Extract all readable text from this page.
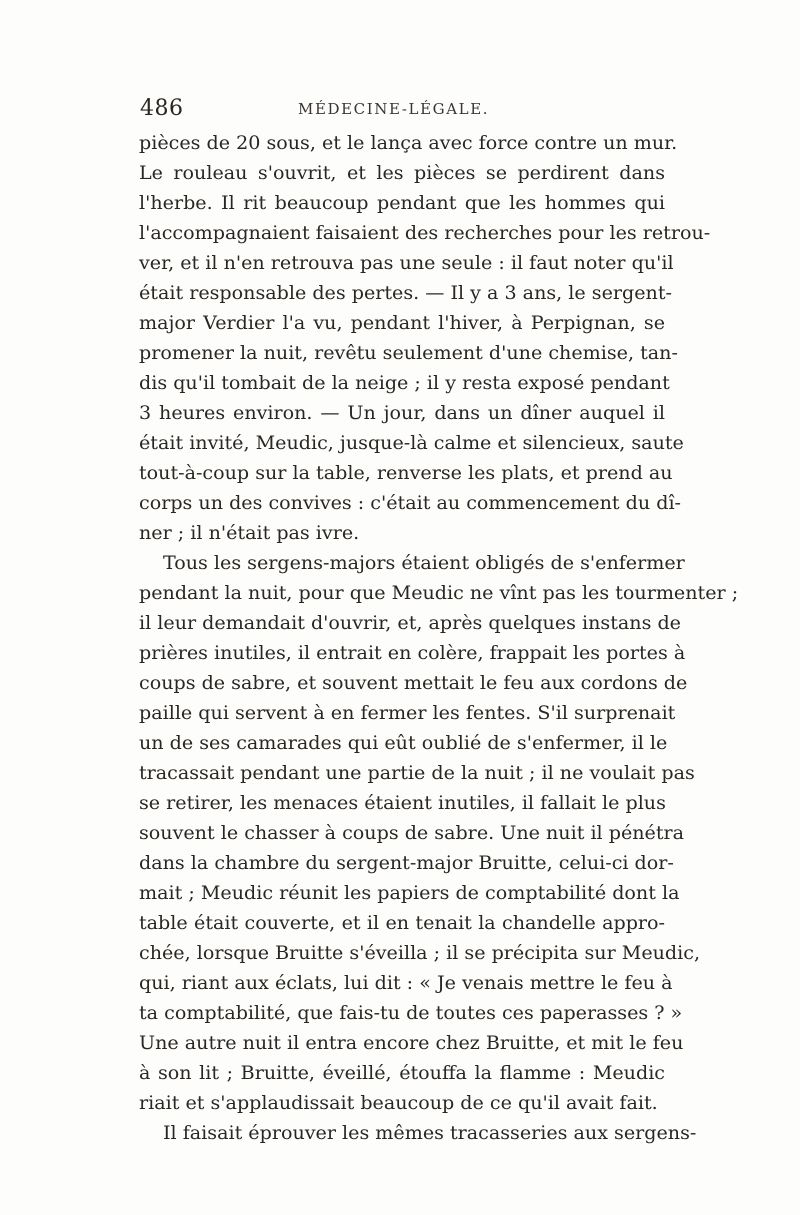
486	MÉDECINE-LÉGALE.
pièces de 20 sous, et le lança avec force contre un mur.
Le rouleau s'ouvrit, et les pièces se perdirent dans
l'herbe. Il rit beaucoup pendant que les hommes qui
l'accompagnaient faisaient des recherches pour les retrou-
ver, et il n'en retrouva pas une seule : il faut noter qu'il
était responsable des pertes. — Il y a 3 ans, le sergent-
major Verdier l'a vu, pendant l'hiver, à Perpignan, se
promener la nuit, revêtu seulement d'une chemise, tan-
dis qu'il tombait de la neige ; il y resta exposé pendant
3 heures environ. — Un jour, dans un dîner auquel il
était invité, Meudic, jusque-là calme et silencieux, saute
tout-à-coup sur la table, renverse les plats, et prend au
corps un des convives : c'était au commencement du dî-
ner ; il n'était pas ivre.
Tous les sergens-majors étaient obligés de s'enfermer
pendant la nuit, pour que Meudic ne vînt pas les tourmenter ;
il leur demandait d'ouvrir, et, après quelques instans de
prières inutiles, il entrait en colère, frappait les portes à
coups de sabre, et souvent mettait le feu aux cordons de
paille qui servent à en fermer les fentes. S'il surprenait
un de ses camarades qui eût oublié de s'enfermer, il le
tracassait pendant une partie de la nuit ; il ne voulait pas
se retirer, les menaces étaient inutiles, il fallait le plus
souvent le chasser à coups de sabre. Une nuit il pénétra
dans la chambre du sergent-major Bruitte, celui-ci dor-
mait ; Meudic réunit les papiers de comptabilité dont la
table était couverte, et il en tenait la chandelle appro-
chée, lorsque Bruitte s'éveilla ; il se précipita sur Meudic,
qui, riant aux éclats, lui dit : « Je venais mettre le feu à
ta comptabilité, que fais-tu de toutes ces paperasses ? »
Une autre nuit il entra encore chez Bruitte, et mit le feu
à son lit ; Bruitte, éveillé, étouffa la flamme : Meudic
riait et s'applaudissait beaucoup de ce qu'il avait fait.
Il faisait éprouver les mêmes tracasseries aux sergens-
